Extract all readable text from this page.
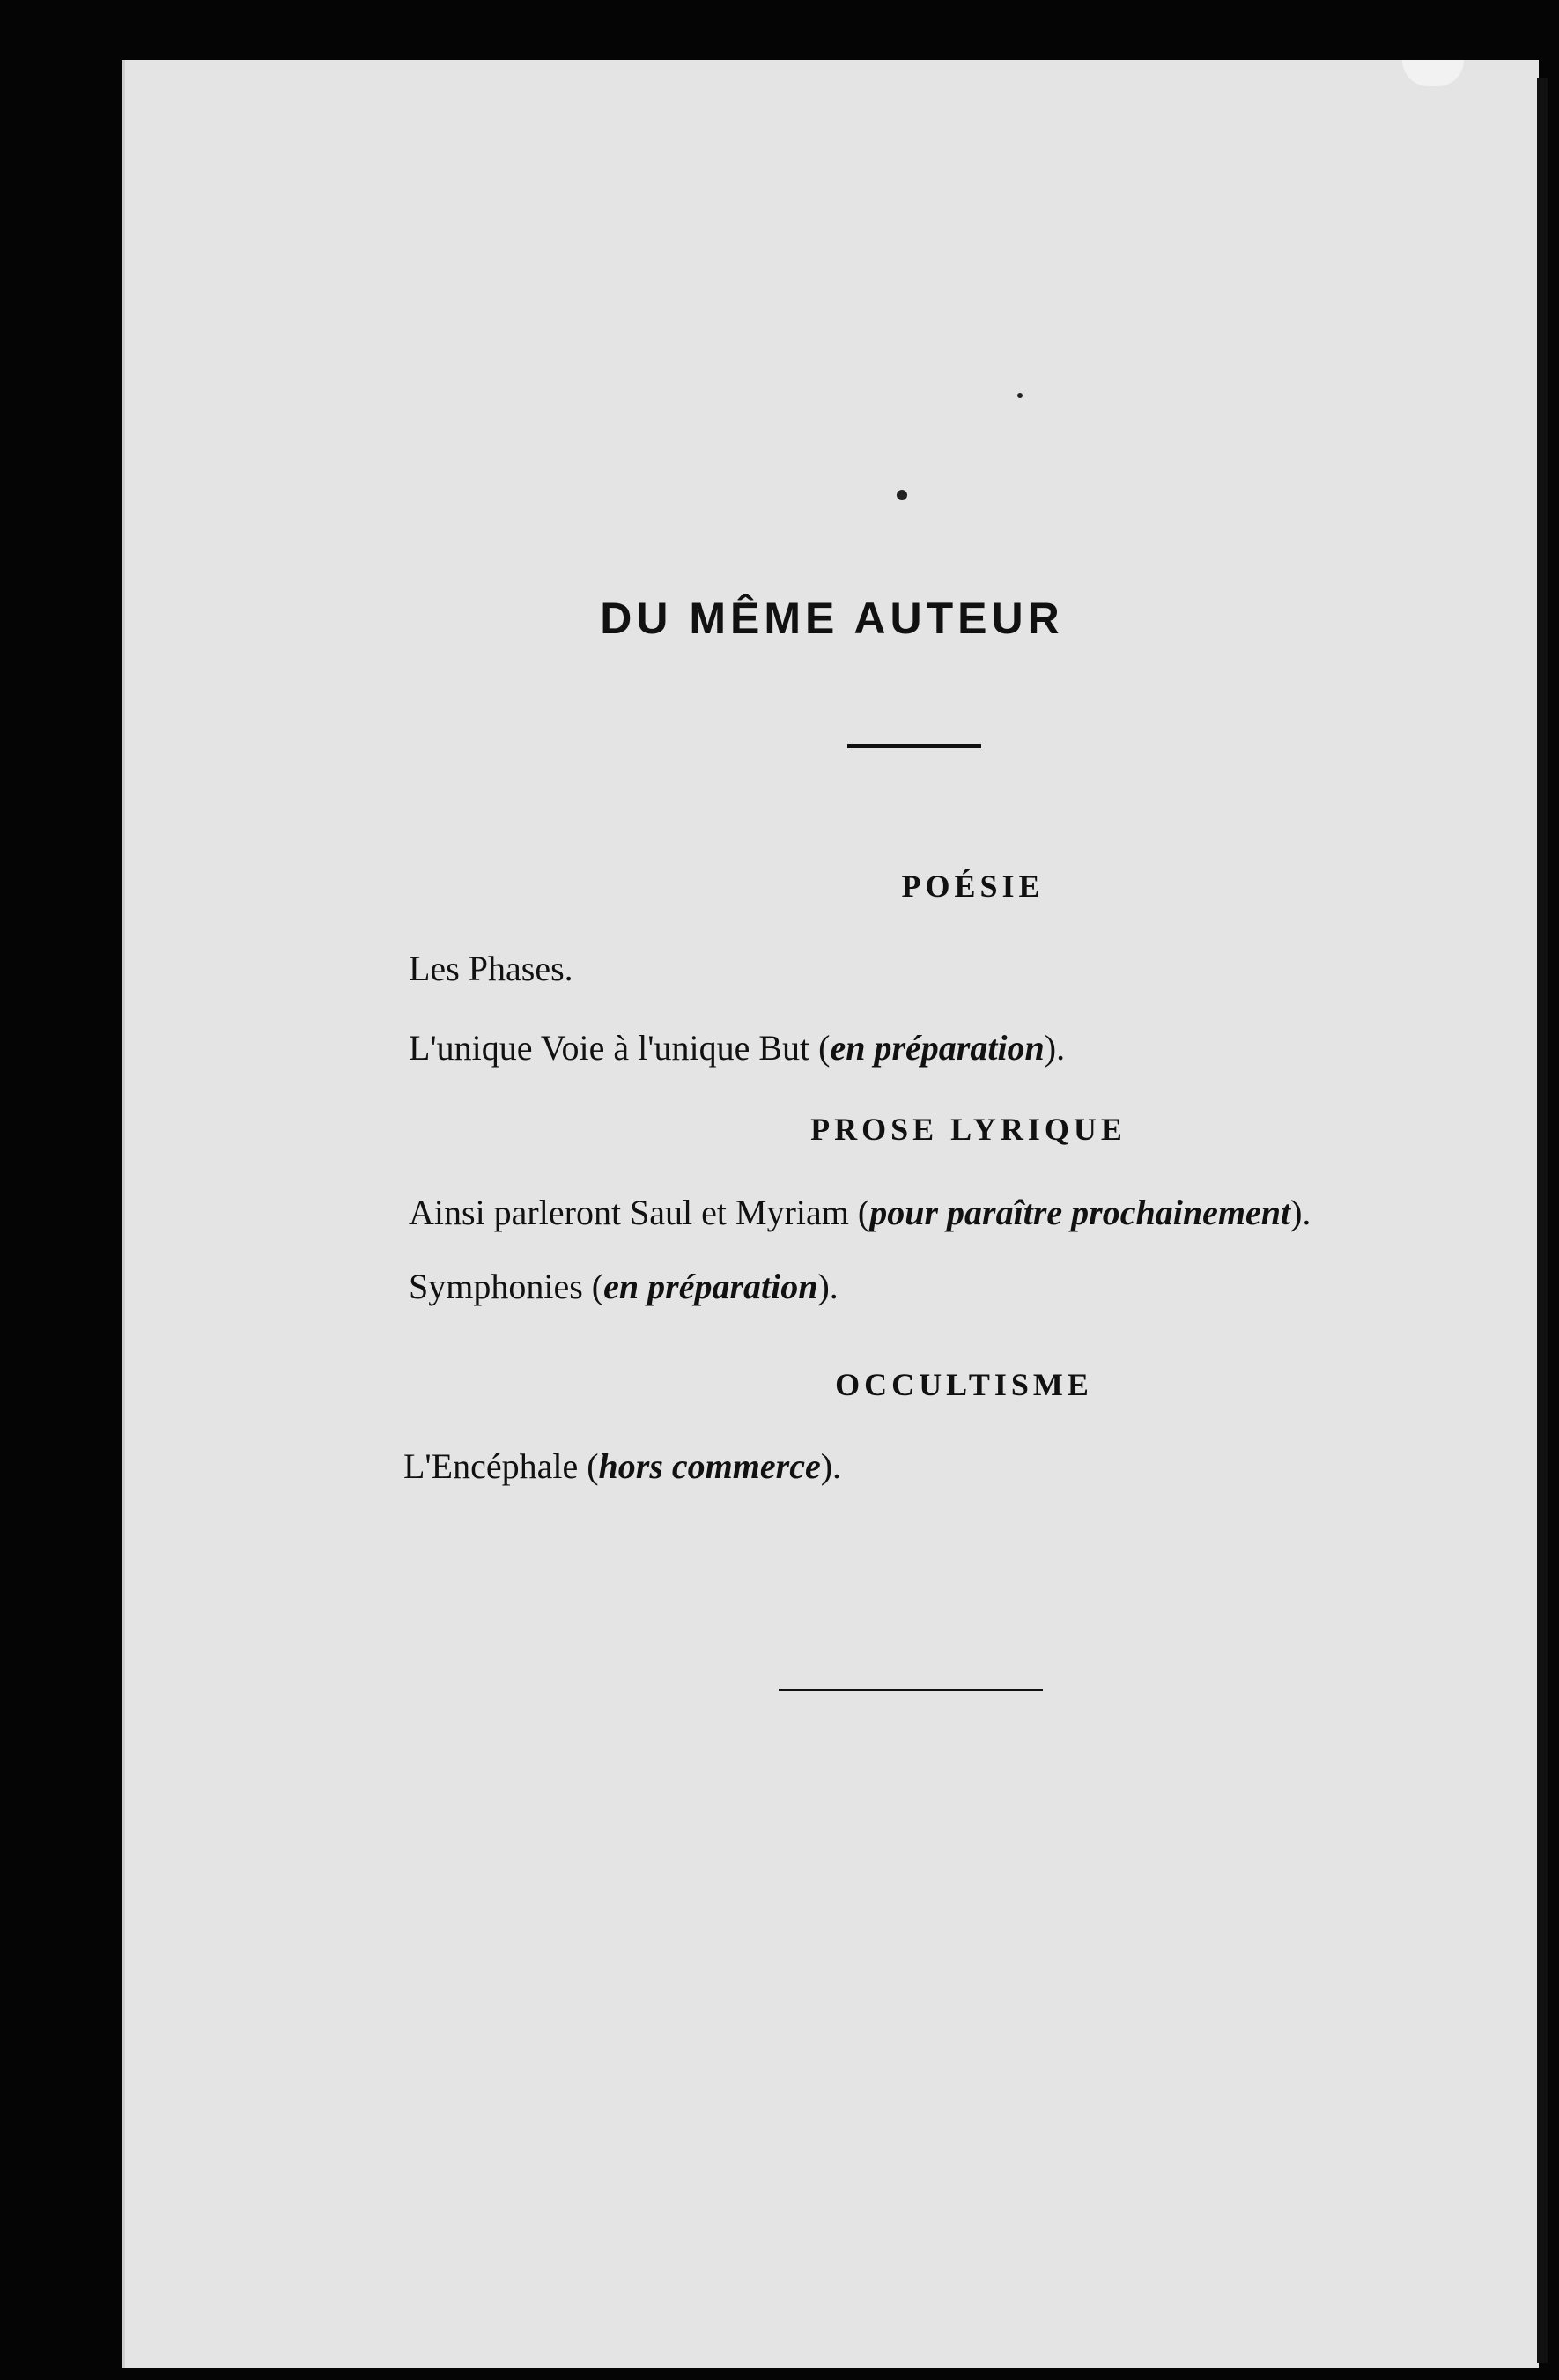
DU MÊME AUTEUR
POÉSIE

Les Phases.

L'unique Voie à l'unique But (en préparation).

PROSE LYRIQUE

Ainsi parleront Saul et Myriam (pour paraître prochainement).

Symphonies (en préparation).

OCCULTISME

L'Encéphale (hors commerce).
